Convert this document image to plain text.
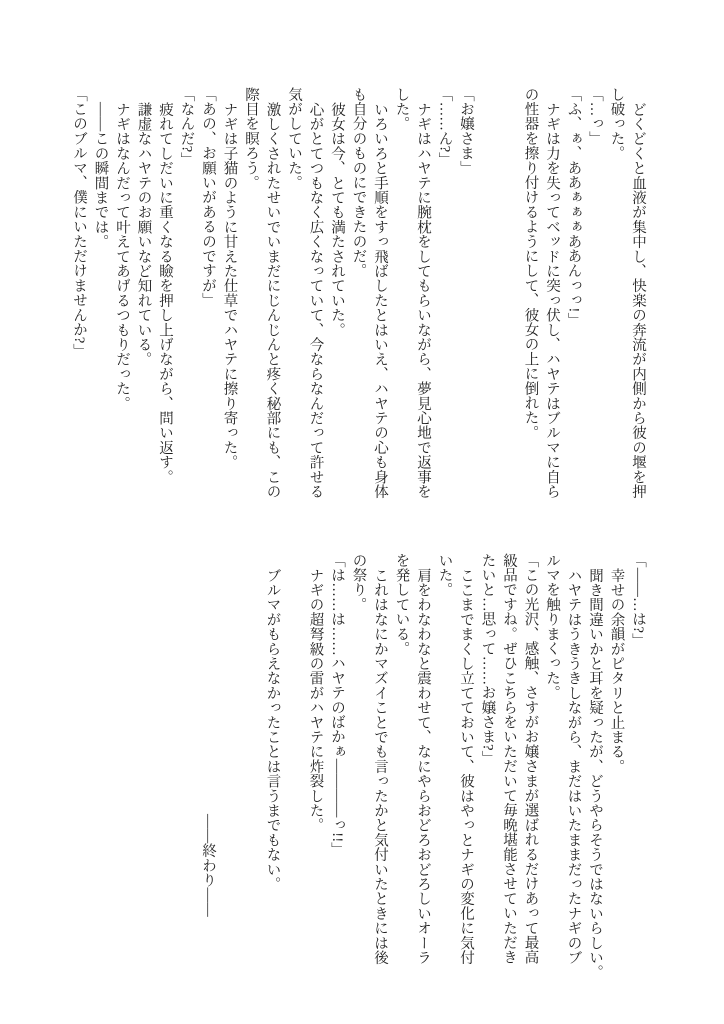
どくどくと血液が集中し、快楽の奔流が内側から彼の堰を押

し破った。

「…っ」

「ふ、ぁ、ああぁぁぁああんっっ!」

ナギは力を失ってベッドに突っ伏し、ハヤテはブルマに自ら

の性器を擦り付けるようにして、彼女の上に倒れた。

「お嬢さま」

「……ん?」

ナギはハヤテに腕枕をしてもらいながら、夢見心地で返事を

した。

いろいろと手順をすっ飛ばしたとはいえ、ハヤテの心も身体

も自分のものにできたのだ。

彼女は今、とても満たされていた。

心がとてつもなく広くなっていて、今ならなんだって許せる

気がしていた。

激しくされたせいでいまだにじんじんと疼く秘部にも、この

際目を瞑ろう。

ナギは子猫のように甘えた仕草でハヤテに擦り寄った。

「あの、お願いがあるのですが」

「なんだ?」

疲れてしだいに重くなる瞼を押し上げながら、問い返す。

謙虚なハヤテのお願いなど知れている。

ナギはなんだって叶えてあげるつもりだった。

――この瞬間までは。

「このブルマ、僕にいただけませんか?」

「――…は?」

幸せの余韻がピタリと止まる。

聞き間違いかと耳を疑ったが、どうやらそうではないらしい。

ハヤテはうきうきしながら、まだはいたままだったナギのブ

ルマを触りまくった。

「この光沢、感触、さすがお嬢さまが選ばれるだけあって最高

級品ですね。ぜひこちらをいただいて毎晩堪能させていただき

たいと…思って……お嬢さま?」

ここまでまくし立てておいて、彼はやっとナギの変化に気付

いた。

肩をわなわなと震わせて、なにやらおどろおどろしいオーラ

を発している。

これはなにかマズイことでも言ったかと気付いたときには後

の祭り。

「は……は……ハヤテのばかぁ――――っ!!」

ナギの超弩級の雷がハヤテに炸裂した。

ブルマがもらえなかったことは言うまでもない。

――終わり――
